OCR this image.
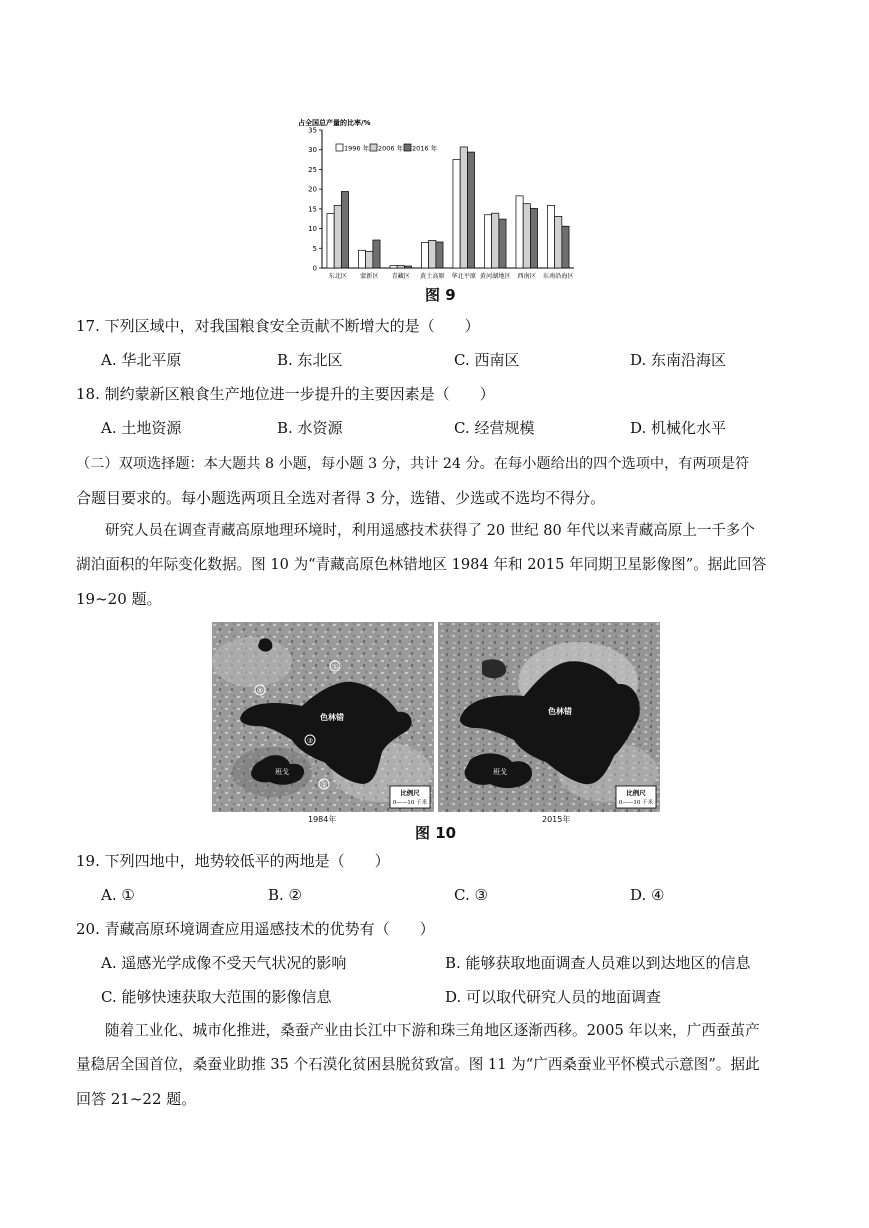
占全国总产量的比率/%
0
5
10
15
20
25
30
35
东北区 蒙新区 青藏区 黄土高原 华北平原 黄河湖地区 西南区 东南沿海区
1996 年 2006 年 2016 年
图 9
17. 下列区域中，对我国粮食安全贡献不断增大的是（　　）
A. 华北平原	B. 东北区	C. 西南区	D. 东南沿海区
18. 制约蒙新区粮食生产地位进一步提升的主要因素是（　　）
A. 土地资源	B. 水资源	C. 经营规模	D. 机械化水平
（二）双项选择题：本大题共 8 小题，每小题 3 分，共计 24 分。在每小题给出的四个选项中，有两项是符
合题目要求的。每小题选两项且全选对者得 3 分，选错、少选或不选均不得分。
研究人员在调查青藏高原地理环境时，利用遥感技术获得了 20 世纪 80 年代以来青藏高原上一千多个
湖泊面积的年际变化数据。图 10 为“青藏高原色林错地区 1984 年和 2015 年同期卫星影像图”。据此回答
19~20 题。
①
④
③
②
色林错
班戈
比例尺
0——10 千米
色林错
班戈
比例尺
0——10 千米
1984年	2015年
图 10
19. 下列四地中，地势较低平的两地是（　　）
A. ①	B. ②	C. ③	D. ④
20. 青藏高原环境调查应用遥感技术的优势有（　　）
A. 遥感光学成像不受天气状况的影响	B. 能够获取地面调查人员难以到达地区的信息
C. 能够快速获取大范围的影像信息	D. 可以取代研究人员的地面调查
随着工业化、城市化推进，桑蚕产业由长江中下游和珠三角地区逐渐西移。2005 年以来，广西蚕茧产
量稳居全国首位，桑蚕业助推 35 个石漠化贫困县脱贫致富。图 11 为“广西桑蚕业平怀模式示意图”。据此
回答 21~22 题。
